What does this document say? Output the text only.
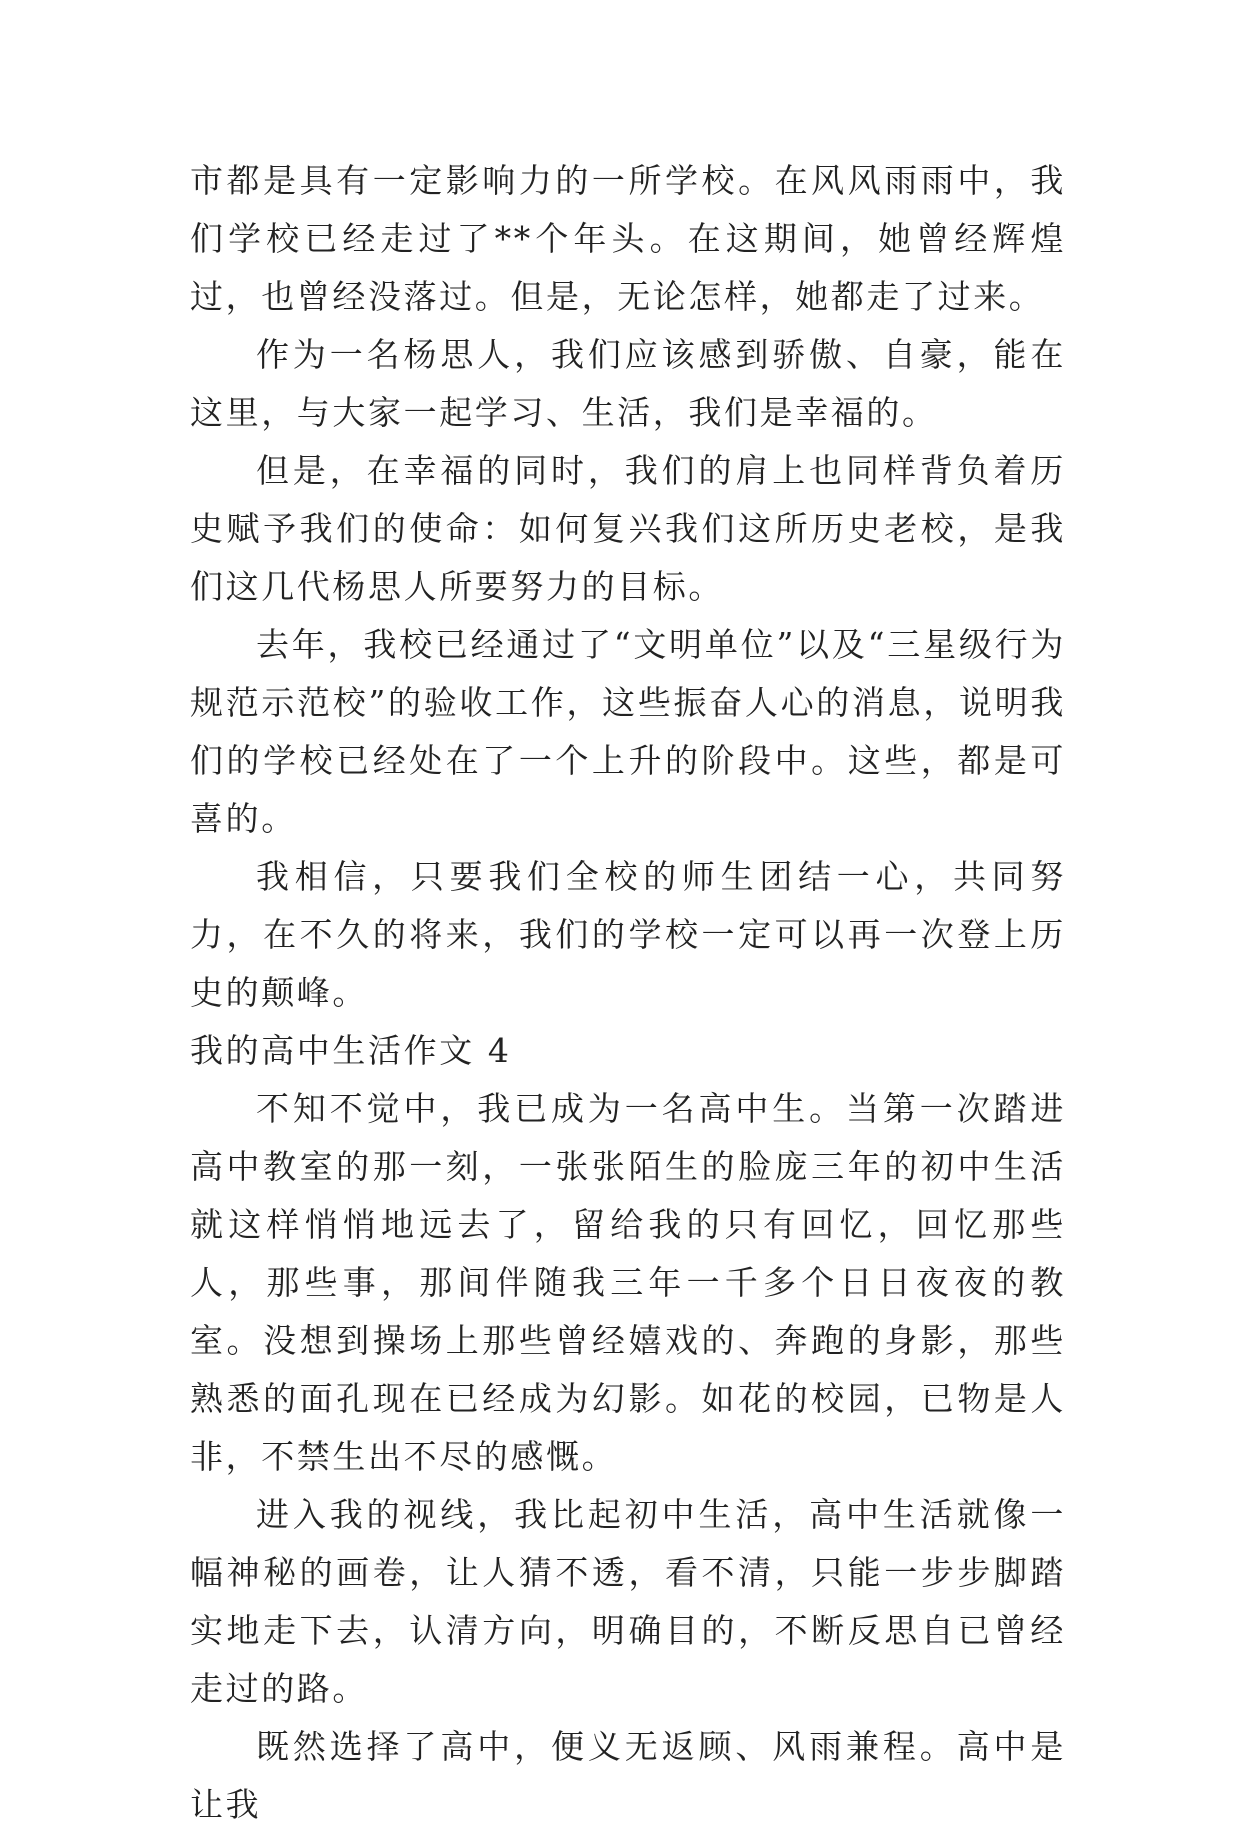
市都是具有一定影响力的一所学校。在风风雨雨中，我们学校已经走过了**个年头。在这期间，她曾经辉煌过，也曾经没落过。但是，无论怎样，她都走了过来。

作为一名杨思人，我们应该感到骄傲、自豪，能在这里，与大家一起学习、生活，我们是幸福的。

但是，在幸福的同时，我们的肩上也同样背负着历史赋予我们的使命：如何复兴我们这所历史老校，是我们这几代杨思人所要努力的目标。

去年，我校已经通过了“文明单位”以及“三星级行为规范示范校”的验收工作，这些振奋人心的消息，说明我们的学校已经处在了一个上升的阶段中。这些，都是可喜的。

我相信，只要我们全校的师生团结一心，共同努力，在不久的将来，我们的学校一定可以再一次登上历史的颠峰。

我的高中生活作文 4

不知不觉中，我已成为一名高中生。当第一次踏进高中教室的那一刻，一张张陌生的脸庞三年的初中生活就这样悄悄地远去了，留给我的只有回忆，回忆那些人，那些事，那间伴随我三年一千多个日日夜夜的教室。没想到操场上那些曾经嬉戏的、奔跑的身影，那些熟悉的面孔现在已经成为幻影。如花的校园，已物是人非，不禁生出不尽的感慨。

进入我的视线，我比起初中生活，高中生活就像一幅神秘的画卷，让人猜不透，看不清，只能一步步脚踏实地走下去，认清方向，明确目的，不断反思自已曾经走过的路。

既然选择了高中，便义无返顾、风雨兼程。高中是让我
